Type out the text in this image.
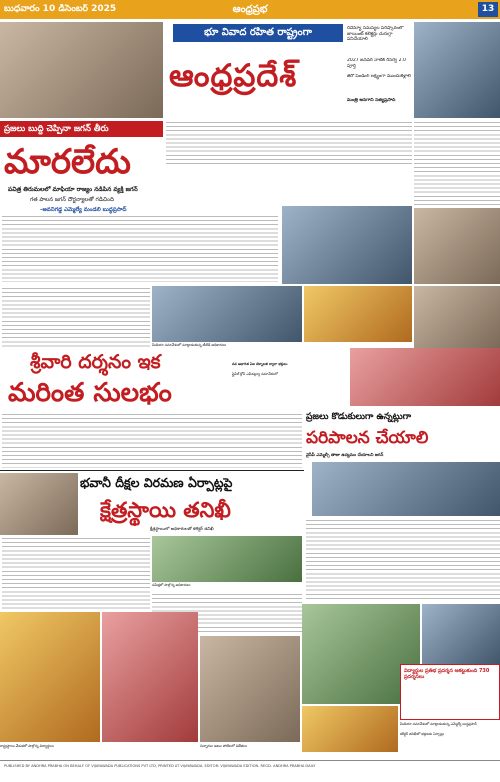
బుధవారం 10 డిసెంబర్ 2025	ఆంధ్రప్రభ	13
భూ వివాద రహిత రాష్ట్రంగా
ఆంధ్రప్రదేశ్
రెవెన్యూ సమస్యల పరిష్కారంలో జాయింట్ కలెక్టర్లు చురుగ్గా పనిచేయాలి
2027 జనవరి నాటికి రీసర్వే 2.0 పూర్తి
జీరో పెండింగ్ లక్ష్యంగా ముందుకెళ్లాలి
మంత్రి అనగాని సత్యప్రసాద్
ప్రజలు బుద్ది చెప్పినా జగన్ తీరు
మారలేదు
పవిత్ర తిరుమలలో మాఫియా రాజ్యం నడిపిన వ్యక్తి జగన్
గత పాలన జగన్ దౌర్జన్యాలతో గడిచింది
-అవనిగడ్డ ఎమ్మెల్యే మండలి బుద్ధప్రసాద్
మీడియా సమావేశంలో మాట్లాడుతున్న టీటీడీ అధికారులు
శ్రీవారి దర్శనం ఇక
మరింత సులభం
నవ ఆధారిత ఏఐ టెక్నాలజీ ద్వారా భక్తులు
ఫ్లైవీల్ క్లోస్ ఎఫ్‌డబ్ల్యూ సమావేశంలో
ప్రజలు కొడుకులుగా ఉన్నట్లుగా
పరిపాలన చేయాలి
వైసీపీ ఎమ్మెల్సీ తాజా ఉద్యమం చేయాలని జగన్
భవానీ దీక్షల విరమణ ఏర్పాట్లపై
క్షేత్రస్థాయి తనిఖీ
క్షేత్రస్థాయిలో అధికారులతో కలెక్టర్ తనిఖీ
సమీక్షలో పాల్గొన్న అధికారులు
విద్యార్థుల ప్రతిభ ప్రదర్శన ఆకట్టుకుంది 730 ప్రదర్శనలు
రాష్ట్రస్థాయి వేడుకలో పాల్గొన్న విద్యార్థులు	చిన్నారుల ఆటల పోటీలలో విజేతలు
మీడియా సమావేశంలో మాట్లాడుతున్న ఎమ్మెల్యే బుద్ధప్రసాద్
కలెక్టర్ తనిఖీలో భక్తులకు ఏర్పాట్లు
PUBLISHED BY ANDHRA PRABHA ON BEHALF OF VIJAYAWADA PUBLICATIONS PVT LTD, PRINTED AT VIJAYAWADA. EDITOR: VIJAYAWADA EDITION. REGD. ANDHRA PRABHA DAILY
